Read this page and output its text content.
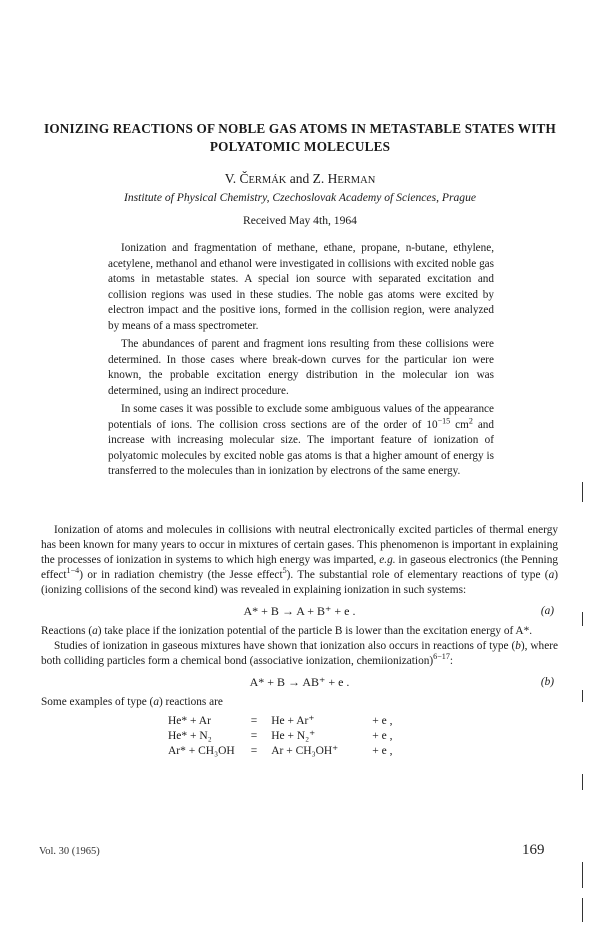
IONIZING REACTIONS OF NOBLE GAS ATOMS IN METASTABLE STATES WITH POLYATOMIC MOLECULES

V. ČERMÁK and Z. HERMAN

Institute of Physical Chemistry, Czechoslovak Academy of Sciences, Prague

Received May 4th, 1964

Ionization and fragmentation of methane, ethane, propane, n-butane, ethylene, acetylene, methanol and ethanol were investigated in collisions with excited noble gas atoms in metastable states. A special ion source with separated excitation and collision regions was used in these studies. The noble gas atoms were excited by electron impact and the positive ions, formed in the collision region, were analyzed by means of a mass spectrometer.

The abundances of parent and fragment ions resulting from these collisions were determined. In those cases where break-down curves for the particular ion were known, the probable excitation energy distribution in the molecular ion was determined, using an indirect procedure.

In some cases it was possible to exclude some ambiguous values of the appearance potentials of ions. The collision cross sections are of the order of $10^{-15}$ $cm^2$ and increase with increasing molecular size. The important feature of ionization of polyatomic molecules by excited noble gas atoms is that a higher amount of energy is transferred to the molecules than in ionization by electrons of the same energy.

Ionization of atoms and molecules in collisions with neutral electronically excited particles of thermal energy has been known for many years to occur in mixtures of certain gases. This phenomenon is important in explaining the processes of ionization in systems to which high energy was imparted, e.g. in gaseous electronics (the Penning effect$^{1-4}$) or in radiation chemistry (the Jesse effect$^5$). The substantial role of elementary reactions of type (a) (ionizing collisions of the second kind) was revealed in explaining ionization in such systems:

A* + B → A + B⁺ + e .	(a)

Reactions (a) take place if the ionization potential of the particle B is lower than the excitation energy of A*.

Studies of ionization in gaseous mixtures have shown that ionization also occurs in reactions of type (b), where both colliding particles form a chemical bond (associative ionization, chemiionization)$^{6-17}$:

A* + B → AB⁺ + e .	(b)

Some examples of type (a) reactions are

He* + Ar	=	He + Ar⁺	+ e ,
He* + N₂	=	He + N₂⁺	+ e ,
Ar* + CH₃OH	=	Ar + CH₃OH⁺	+ e ,
Vol. 30 (1965)	169
